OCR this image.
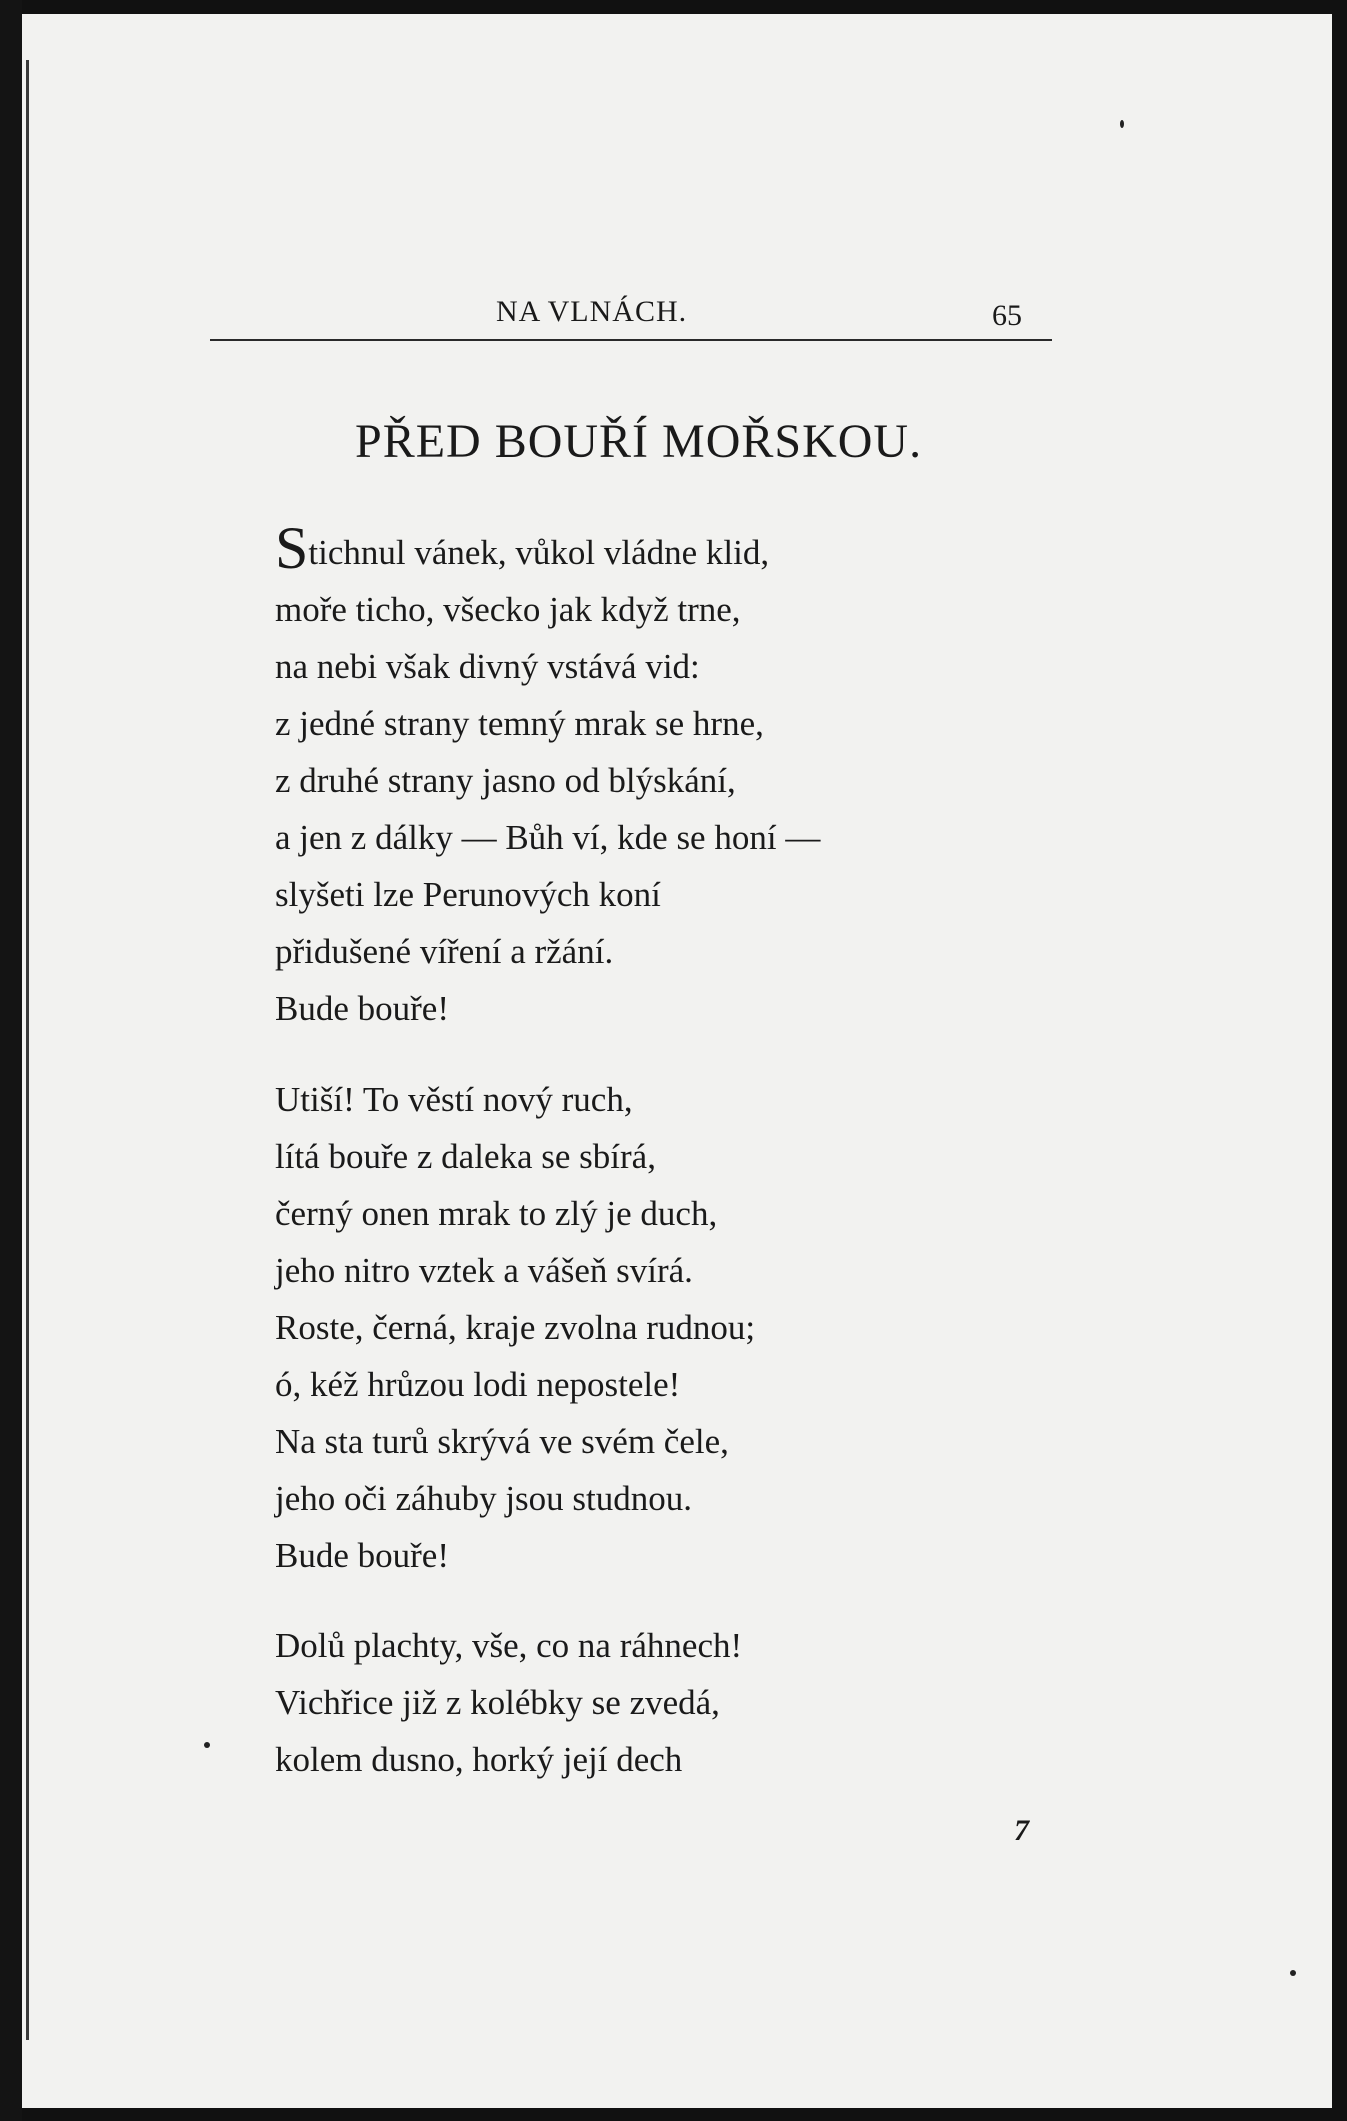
NA VLNÁCH.	65
PŘED BOUŘÍ MOŘSKOU.
Stichnul vánek, vůkol vládne klid,
moře ticho, všecko jak když trne,
na nebi však divný vstává vid:
z jedné strany temný mrak se hrne,
z druhé strany jasno od blýskání,
a jen z dálky — Bůh ví, kde se honí —
slyšeti lze Perunových koní
přidušené víření a ržání.
Bude bouře!
Utiší! To věstí nový ruch,
lítá bouře z daleka se sbírá,
černý onen mrak to zlý je duch,
jeho nitro vztek a vášeň svírá.
Roste, černá, kraje zvolna rudnou;
ó, kéž hrůzou lodi nepostele!
Na sta turů skrývá ve svém čele,
jeho oči záhuby jsou studnou.
Bude bouře!
Dolů plachty, vše, co na ráhnech!
Vichřice již z kolébky se zvedá,
kolem dusno, horký její dech
7
